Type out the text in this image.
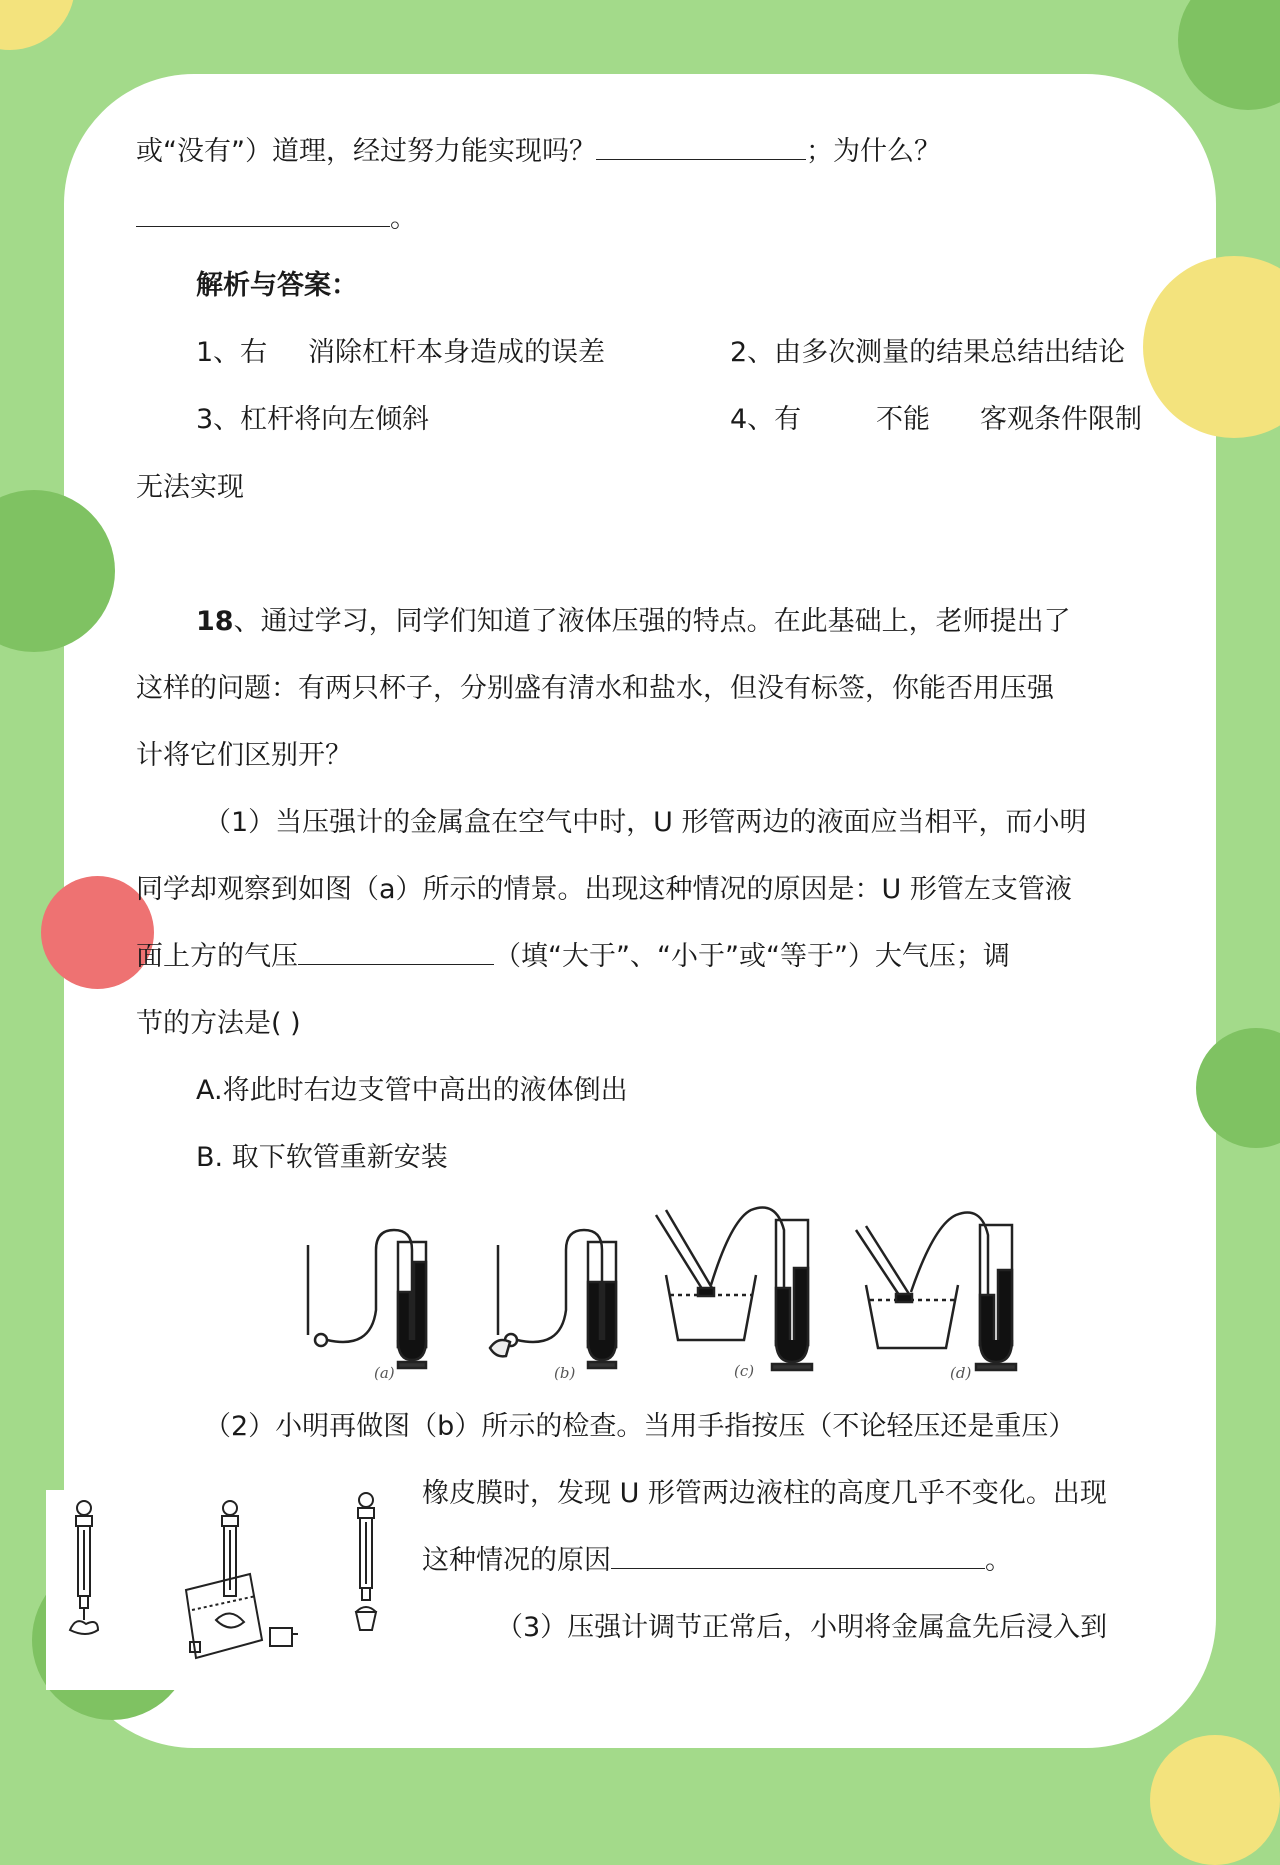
或“没有”）道理，经过努力能实现吗？	；为什么？
。
解析与答案：
1、右 消除杠杆本身造成的误差	2、由多次测量的结果总结出结论
3、杠杆将向左倾斜	4、有	不能 客观条件限制
无法实现
18、通过学习，同学们知道了液体压强的特点。在此基础上，老师提出了
这样的问题：有两只杯子，分别盛有清水和盐水，但没有标签，你能否用压强
计将它们区别开？
（1）当压强计的金属盒在空气中时，U 形管两边的液面应当相平，而小明
同学却观察到如图（a）所示的情景。出现这种情况的原因是：U 形管左支管液
面上方的气压	（填“大于”、“小于”或“等于”）大气压；调
节的方法是( )
A.将此时右边支管中高出的液体倒出
B. 取下软管重新安装
(a)	(b)	(c)	(d)
（2）小明再做图（b）所示的检查。当用手指按压（不论轻压还是重压）
橡皮膜时，发现 U 形管两边液柱的高度几乎不变化。出现
这种情况的原因	。
（3）压强计调节正常后，小明将金属盒先后浸入到
